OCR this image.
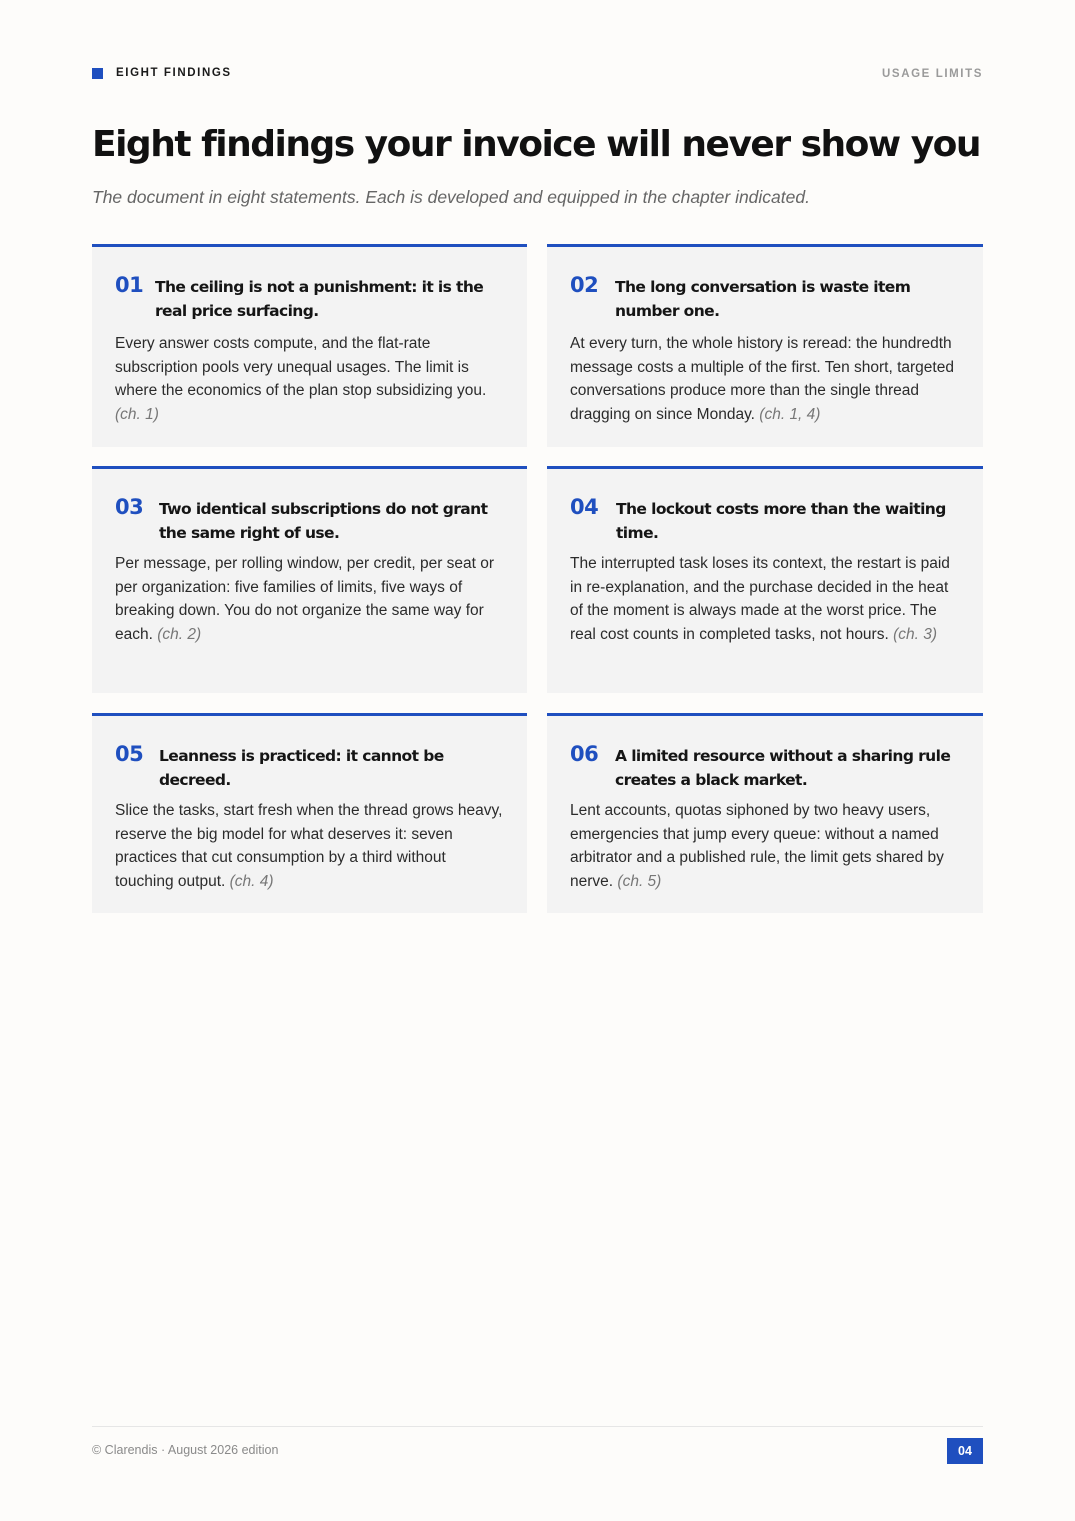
EIGHT FINDINGS	USAGE LIMITS
Eight findings your invoice will never show you

The document in eight statements. Each is developed and equipped in the chapter indicated.

01 The ceiling is not a punishment: it is the real price surfacing.
Every answer costs compute, and the flat-rate subscription pools very unequal usages. The limit is where the economics of the plan stop subsidizing you. (ch. 1)
02	The long conversation is waste item number one.
At every turn, the whole history is reread: the hundredth message costs a multiple of the first. Ten short, targeted conversations produce more than the single thread dragging on since Monday. (ch. 1, 4)
03	Two identical subscriptions do not grant the same right of use.
Per message, per rolling window, per credit, per seat or per organization: five families of limits, five ways of breaking down. You do not organize the same way for each. (ch. 2)
04	The lockout costs more than the waiting time.
The interrupted task loses its context, the restart is paid in re-explanation, and the purchase decided in the heat of the moment is always made at the worst price. The real cost counts in completed tasks, not hours. (ch. 3)
05	Leanness is practiced: it cannot be decreed.
Slice the tasks, start fresh when the thread grows heavy, reserve the big model for what deserves it: seven practices that cut consumption by a third without touching output. (ch. 4)
06	A limited resource without a sharing rule creates a black market.
Lent accounts, quotas siphoned by two heavy users, emergencies that jump every queue: without a named arbitrator and a published rule, the limit gets shared by nerve. (ch. 5)
© Clarendis · August 2026 edition	04
